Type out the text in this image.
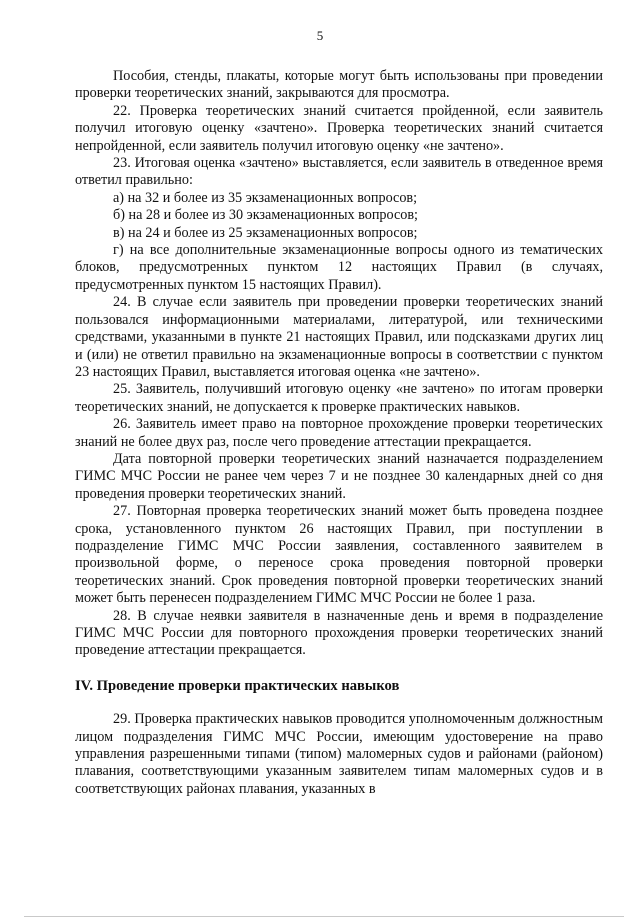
5

Пособия, стенды, плакаты, которые могут быть использованы при проведении проверки теоретических знаний, закрываются для просмотра.

22. Проверка теоретических знаний считается пройденной, если заявитель получил итоговую оценку «зачтено». Проверка теоретических знаний считается непройденной, если заявитель получил итоговую оценку «не зачтено».

23. Итоговая оценка «зачтено» выставляется, если заявитель в отведенное время ответил правильно:

а) на 32 и более из 35 экзаменационных вопросов;

б) на 28 и более из 30 экзаменационных вопросов;

в) на 24 и более из 25 экзаменационных вопросов;

г) на все дополнительные экзаменационные вопросы одного из тематических блоков, предусмотренных пунктом 12 настоящих Правил (в случаях, предусмотренных пунктом 15 настоящих Правил).

24. В случае если заявитель при проведении проверки теоретических знаний пользовался информационными материалами, литературой, или техническими средствами, указанными в пункте 21 настоящих Правил, или подсказками других лиц и (или) не ответил правильно на экзаменационные вопросы в соответствии с пунктом 23 настоящих Правил, выставляется итоговая оценка «не зачтено».

25. Заявитель, получивший итоговую оценку «не зачтено» по итогам проверки теоретических знаний, не допускается к проверке практических навыков.

26. Заявитель имеет право на повторное прохождение проверки теоретических знаний не более двух раз, после чего проведение аттестации прекращается.

Дата повторной проверки теоретических знаний назначается подразделением ГИМС МЧС России не ранее чем через 7 и не позднее 30 календарных дней со дня проведения проверки теоретических знаний.

27. Повторная проверка теоретических знаний может быть проведена позднее срока, установленного пунктом 26 настоящих Правил, при поступлении в подразделение ГИМС МЧС России заявления, составленного заявителем в произвольной форме, о переносе срока проведения повторной проверки теоретических знаний. Срок проведения повторной проверки теоретических знаний может быть перенесен подразделением ГИМС МЧС России не более 1 раза.

28. В случае неявки заявителя в назначенные день и время в подразделение ГИМС МЧС России для повторного прохождения проверки теоретических знаний проведение аттестации прекращается.

IV. Проведение проверки практических навыков

29. Проверка практических навыков проводится уполномоченным должностным лицом подразделения ГИМС МЧС России, имеющим удостоверение на право управления разрешенными типами (типом) маломерных судов и районами (районом) плавания, соответствующими указанным заявителем типам маломерных судов и в соответствующих районах плавания, указанных в
